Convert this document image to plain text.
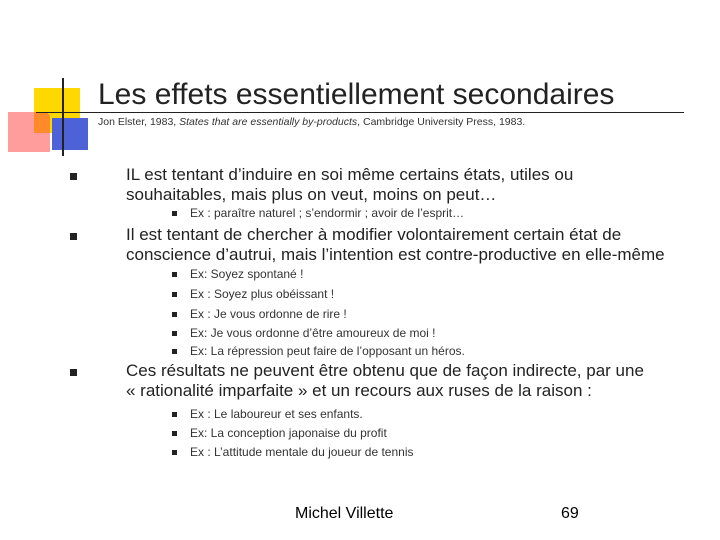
Les effets essentiellement secondaires
Jon Elster, 1983, States that are essentially by-products, Cambridge University Press, 1983.
IL est tentant d’induire en soi même certains états, utiles ou
souhaitables, mais plus on veut, moins on peut…
Ex : paraître naturel ; s’endormir ; avoir de l’esprit…
Il est tentant de chercher à modifier volontairement certain état de
conscience d’autrui, mais l’intention est contre-productive en elle-même
Ex: Soyez spontané !
Ex : Soyez plus obéissant !
Ex : Je vous ordonne de rire !
Ex: Je vous ordonne d’être amoureux de moi !
Ex: La répression peut faire de l’opposant un héros.
Ces résultats ne peuvent être obtenu que de façon indirecte, par une
« rationalité imparfaite » et un recours aux ruses de la raison :
Ex : Le laboureur et ses enfants.
Ex: La conception japonaise du profit
Ex : L’attitude mentale du joueur de tennis
Michel Villette	69
